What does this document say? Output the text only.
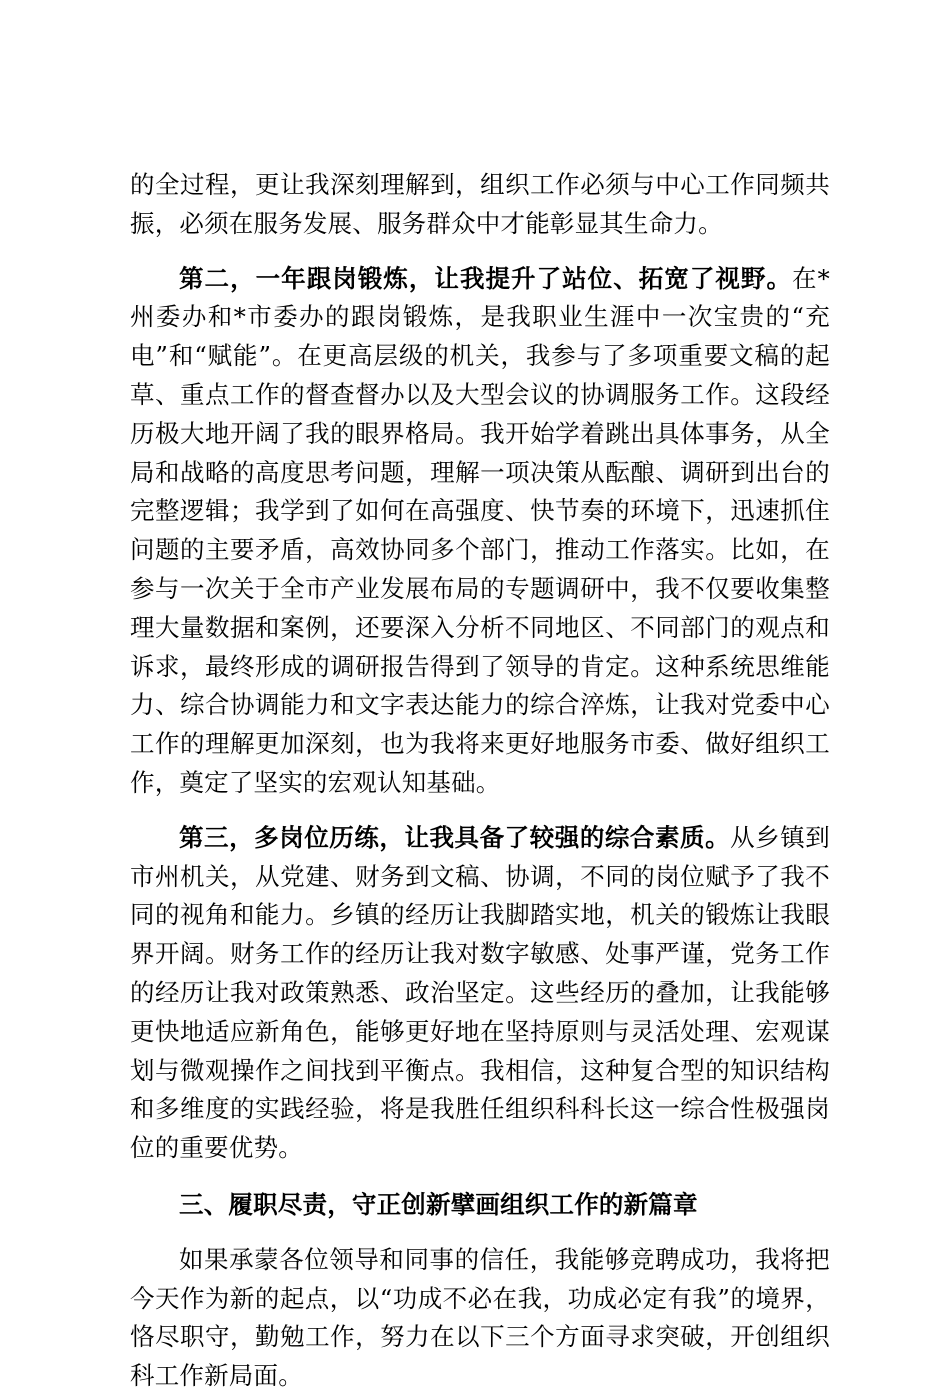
的全过程，更让我深刻理解到，组织工作必须与中心工作同频共振，必须在服务发展、服务群众中才能彰显其生命力。

第二，一年跟岗锻炼，让我提升了站位、拓宽了视野。在*州委办和*市委办的跟岗锻炼，是我职业生涯中一次宝贵的“充电”和“赋能”。在更高层级的机关，我参与了多项重要文稿的起草、重点工作的督查督办以及大型会议的协调服务工作。这段经历极大地开阔了我的眼界格局。我开始学着跳出具体事务，从全局和战略的高度思考问题，理解一项决策从酝酿、调研到出台的完整逻辑；我学到了如何在高强度、快节奏的环境下，迅速抓住问题的主要矛盾，高效协同多个部门，推动工作落实。比如，在参与一次关于全市产业发展布局的专题调研中，我不仅要收集整理大量数据和案例，还要深入分析不同地区、不同部门的观点和诉求，最终形成的调研报告得到了领导的肯定。这种系统思维能力、综合协调能力和文字表达能力的综合淬炼，让我对党委中心工作的理解更加深刻，也为我将来更好地服务市委、做好组织工作，奠定了坚实的宏观认知基础。

第三，多岗位历练，让我具备了较强的综合素质。从乡镇到市州机关，从党建、财务到文稿、协调，不同的岗位赋予了我不同的视角和能力。乡镇的经历让我脚踏实地，机关的锻炼让我眼界开阔。财务工作的经历让我对数字敏感、处事严谨，党务工作的经历让我对政策熟悉、政治坚定。这些经历的叠加，让我能够更快地适应新角色，能够更好地在坚持原则与灵活处理、宏观谋划与微观操作之间找到平衡点。我相信，这种复合型的知识结构和多维度的实践经验，将是我胜任组织科科长这一综合性极强岗位的重要优势。

三、履职尽责，守正创新擘画组织工作的新篇章

如果承蒙各位领导和同事的信任，我能够竞聘成功，我将把今天作为新的起点，以“功成不必在我，功成必定有我”的境界，恪尽职守，勤勉工作，努力在以下三个方面寻求突破，开创组织科工作新局面。
